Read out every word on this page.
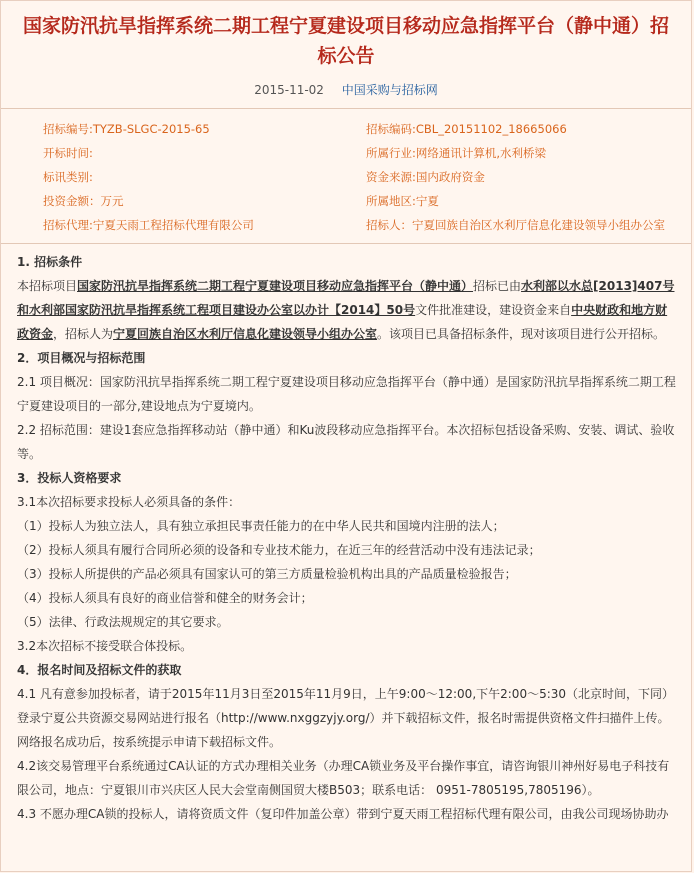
国家防汛抗旱指挥系统二期工程宁夏建设项目移动应急指挥平台（静中通）招标公告
2015-11-02 中国采购与招标网
招标编号:TYZB-SLGC-2015-65
开标时间:
标讯类别:
投资金额：万元
招标代理:宁夏天雨工程招标代理有限公司
招标编码:CBL_20151102_18665066
所属行业:网络通讯计算机,水利桥梁
资金来源:国内政府资金
所属地区:宁夏
招标人：宁夏回族自治区水利厅信息化建设领导小组办公室

1. 招标条件

本招标项目国家防汛抗旱指挥系统二期工程宁夏建设项目移动应急指挥平台（静中通）招标已由水利部以水总[2013]407号和水利部国家防汛抗旱指挥系统工程项目建设办公室以办计【2014】50号文件批准建设，建设资金来自中央财政和地方财政资金，招标人为宁夏回族自治区水利厅信息化建设领导小组办公室。该项目已具备招标条件，现对该项目进行公开招标。

2．项目概况与招标范围

2.1 项目概况：国家防汛抗旱指挥系统二期工程宁夏建设项目移动应急指挥平台（静中通）是国家防汛抗旱指挥系统二期工程宁夏建设项目的一部分,建设地点为宁夏境内。

2.2 招标范围：建设1套应急指挥移动站（静中通）和Ku波段移动应急指挥平台。本次招标包括设备采购、安装、调试、验收等。

3．投标人资格要求

3.1本次招标要求投标人必须具备的条件：

（1）投标人为独立法人，具有独立承担民事责任能力的在中华人民共和国境内注册的法人；

（2）投标人须具有履行合同所必须的设备和专业技术能力，在近三年的经营活动中没有违法记录；

（3）投标人所提供的产品必须具有国家认可的第三方质量检验机构出具的产品质量检验报告；

（4）投标人须具有良好的商业信誉和健全的财务会计；

（5）法律、行政法规规定的其它要求。

3.2本次招标不接受联合体投标。

4．报名时间及招标文件的获取

4.1 凡有意参加投标者，请于2015年11月3日至2015年11月9日，上午9:00～12:00,下午2:00～5:30（北京时间，下同）登录宁夏公共资源交易网站进行报名（http://www.nxggzyjy.org/）并下载招标文件，报名时需提供资格文件扫描件上传。网络报名成功后，按系统提示申请下载招标文件。

4.2该交易管理平台系统通过CA认证的方式办理相关业务（办理CA锁业务及平台操作事宜，请咨询银川神州好易电子科技有限公司，地点：宁夏银川市兴庆区人民大会堂南侧国贸大楼B503；联系电话： 0951-7805195,7805196）。

4.3 不愿办理CA锁的投标人，请将资质文件（复印件加盖公章）带到宁夏天雨工程招标代理有限公司，由我公司现场协助办
